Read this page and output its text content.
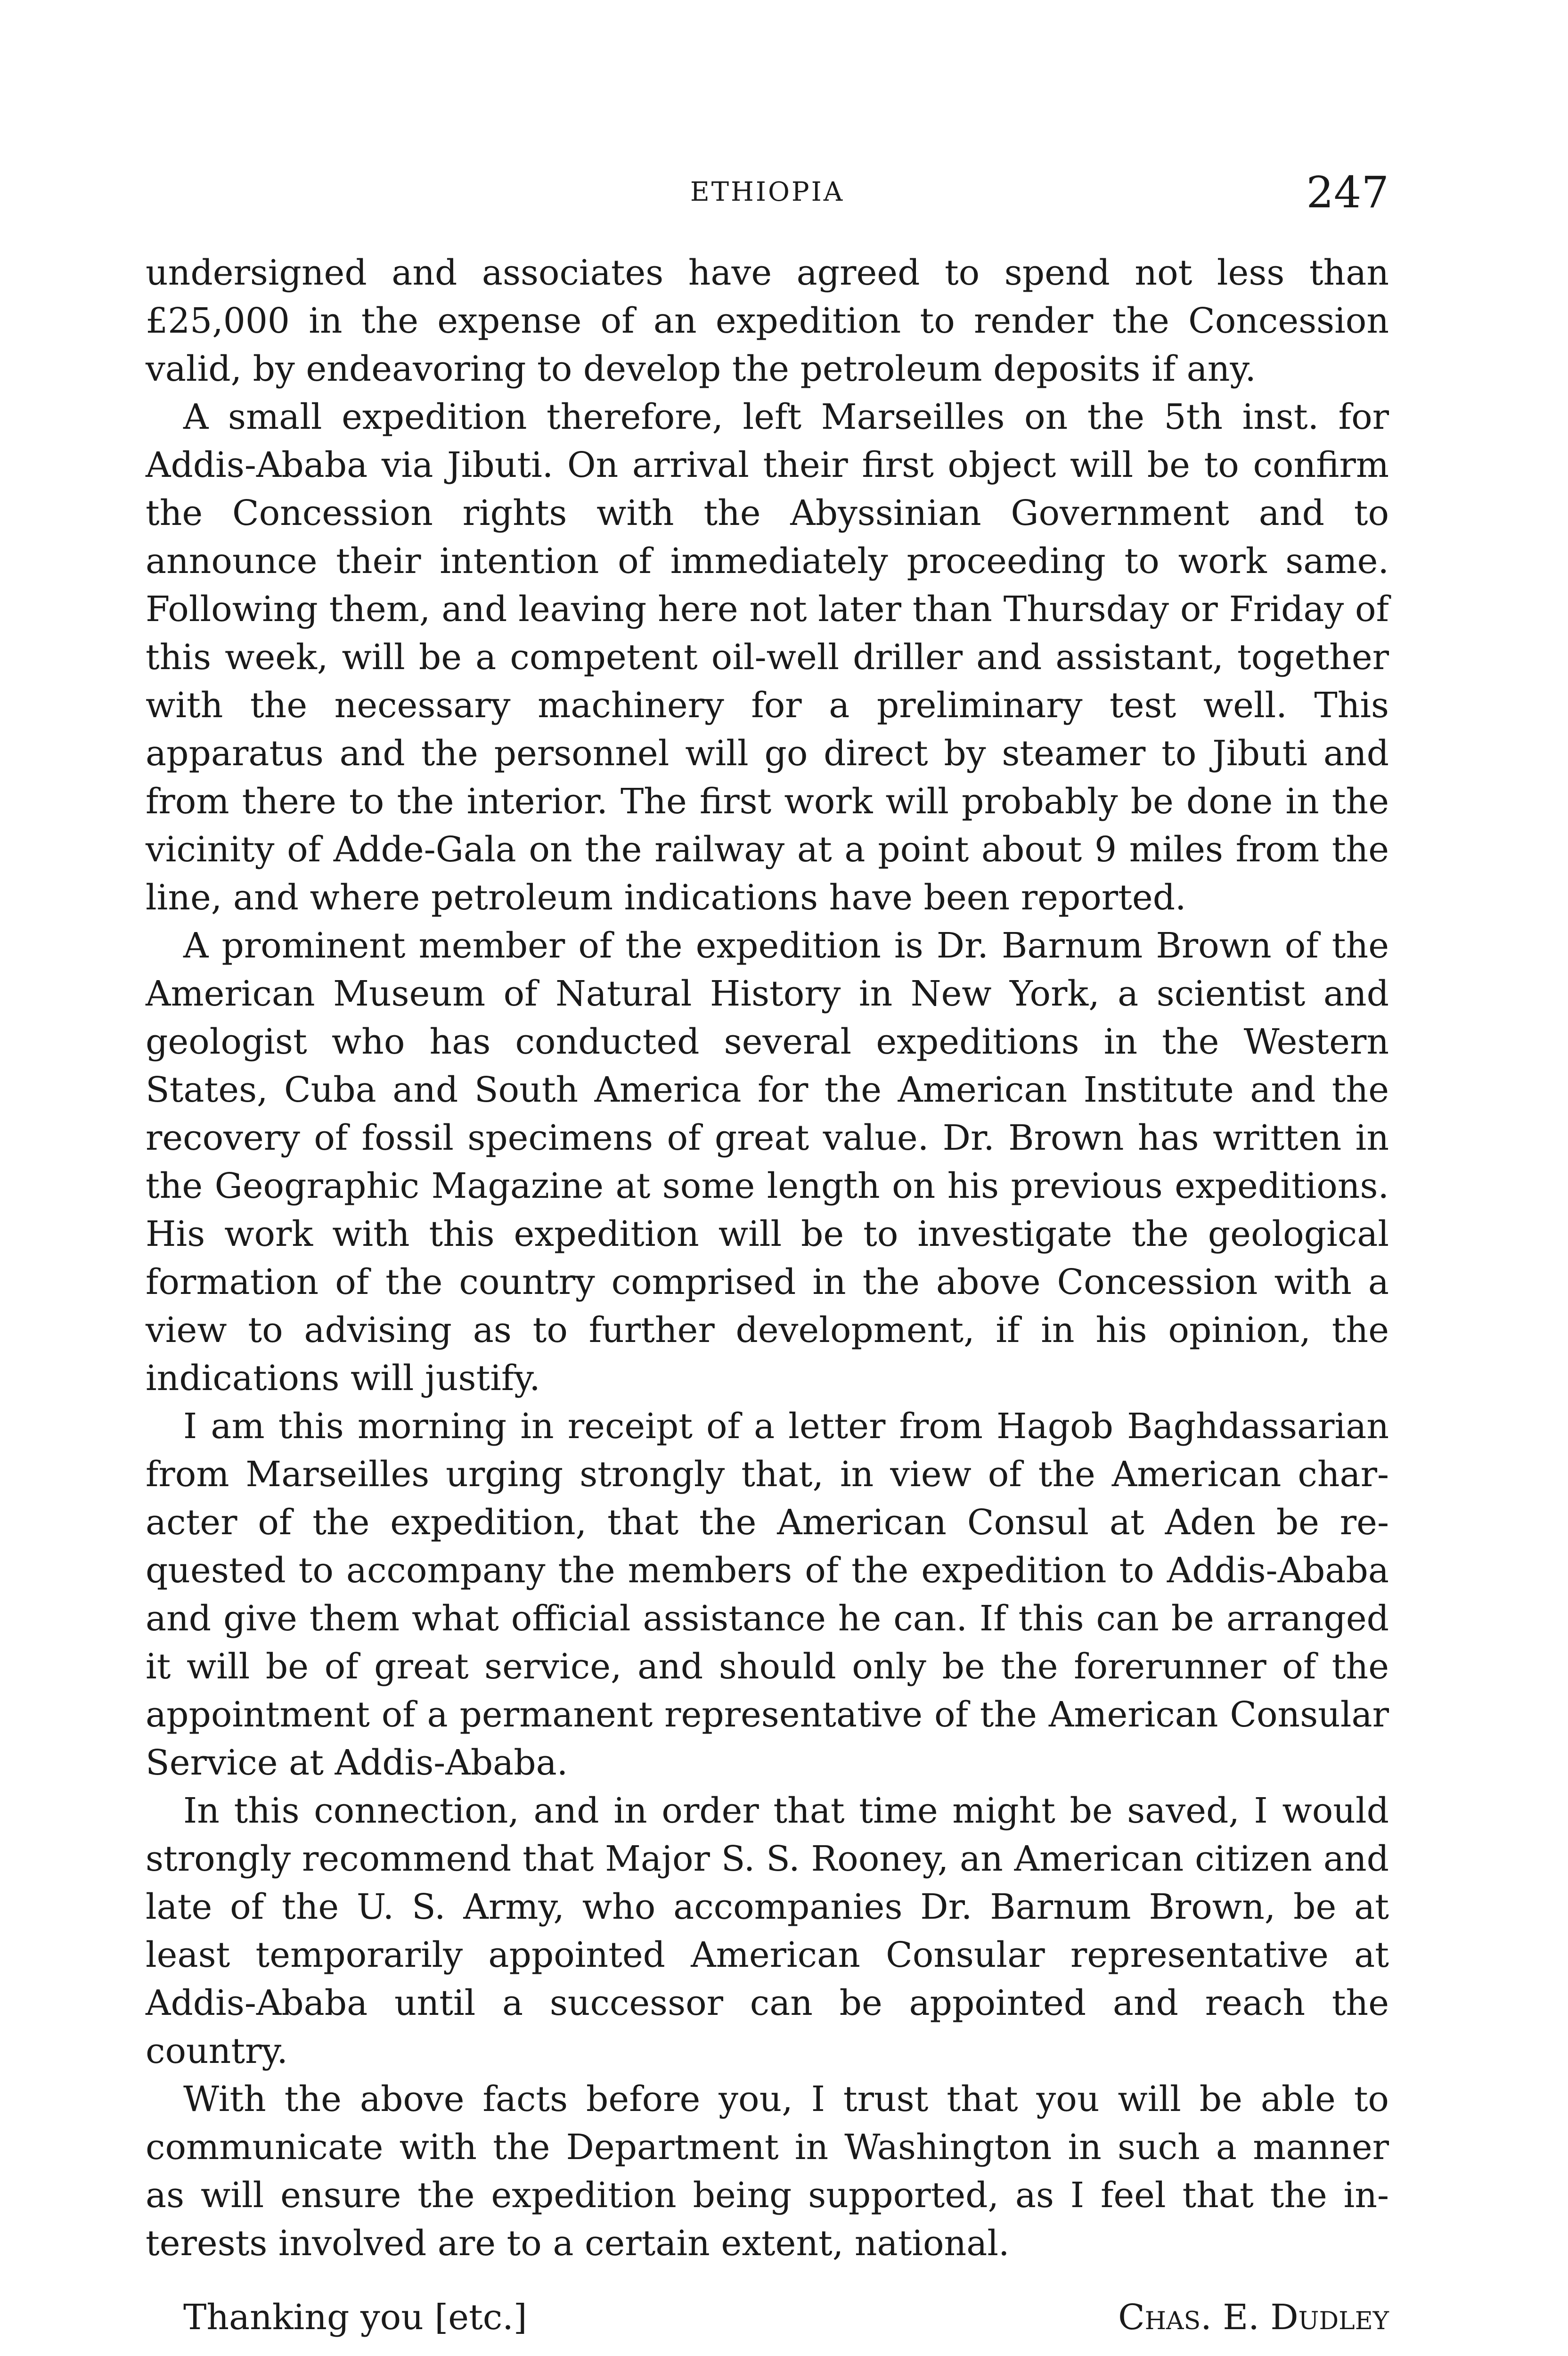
ETHIOPIA	247

undersigned and associates have agreed to spend not less than £25,000 in the expense of an expedition to render the Concession valid, by endeavoring to develop the petroleum deposits if any.

A small expedition therefore, left Marseilles on the 5th inst. for Addis-Ababa via Jibuti. On arrival their first object will be to confirm the Concession rights with the Abyssinian Government and to announce their intention of immediately proceeding to work same. Following them, and leaving here not later than Thursday or Friday of this week, will be a competent oil-well driller and assistant, together with the necessary machinery for a preliminary test well. This apparatus and the personnel will go direct by steamer to Jibuti and from there to the interior. The first work will probably be done in the vicinity of Adde-Gala on the railway at a point about 9 miles from the line, and where petroleum indications have been reported.

A prominent member of the expedition is Dr. Barnum Brown of the American Museum of Natural History in New York, a scientist and geologist who has conducted several expeditions in the Western States, Cuba and South America for the American Institute and the recovery of fossil specimens of great value. Dr. Brown has written in the Geographic Magazine at some length on his previous expeditions. His work with this expedition will be to investigate the geological formation of the country comprised in the above Concession with a view to advising as to further development, if in his opinion, the indications will justify.

I am this morning in receipt of a letter from Hagob Baghdassarian from Marseilles urging strongly that, in view of the American character of the expedition, that the American Consul at Aden be requested to accompany the members of the expedition to Addis-Ababa and give them what official assistance he can. If this can be arranged it will be of great service, and should only be the forerunner of the appointment of a permanent representative of the American Consular Service at Addis-Ababa.

In this connection, and in order that time might be saved, I would strongly recommend that Major S. S. Rooney, an American citizen and late of the U. S. Army, who accompanies Dr. Barnum Brown, be at least temporarily appointed American Consular representative at Addis-Ababa until a successor can be appointed and reach the country.

With the above facts before you, I trust that you will be able to communicate with the Department in Washington in such a manner as will ensure the expedition being supported, as I feel that the interests involved are to a certain extent, national.

Thanking you [etc.]	Chas. E. Dudley
